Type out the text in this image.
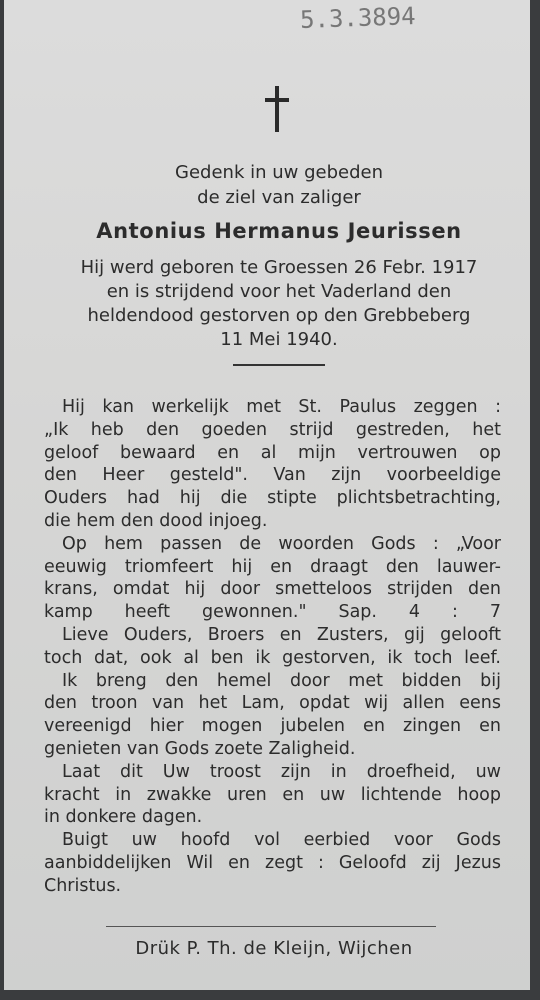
5.3.3894
Gedenk in uw gebeden
de ziel van zaliger
Antonius Hermanus Jeurissen
Hij werd geboren te Groessen 26 Febr. 1917
en is strijdend voor het Vaderland den
heldendood gestorven op den Grebbeberg
11 Mei 1940.
Hij kan werkelijk met St. Paulus zeggen :
„Ik heb den goeden strijd gestreden, het
geloof bewaard en al mijn vertrouwen op
den Heer gesteld". Van zijn voorbeeldige
Ouders had hij die stipte plichtsbetrachting,
die hem den dood injoeg.
Op hem passen de woorden Gods : „Voor
eeuwig triomfeert hij en draagt den lauwer-
krans, omdat hij door smetteloos strijden den
kamp heeft gewonnen." Sap. 4 : 7
Lieve Ouders, Broers en Zusters, gij gelooft
toch dat, ook al ben ik gestorven, ik toch leef.
Ik breng den hemel door met bidden bij
den troon van het Lam, opdat wij allen eens
vereenigd hier mogen jubelen en zingen en
genieten van Gods zoete Zaligheid.
Laat dit Uw troost zijn in droefheid, uw
kracht in zwakke uren en uw lichtende hoop
in donkere dagen.
Buigt uw hoofd vol eerbied voor Gods
aanbiddelijken Wil en zegt : Geloofd zij Jezus
Christus.
Drük P. Th. de Kleijn, Wijchen
